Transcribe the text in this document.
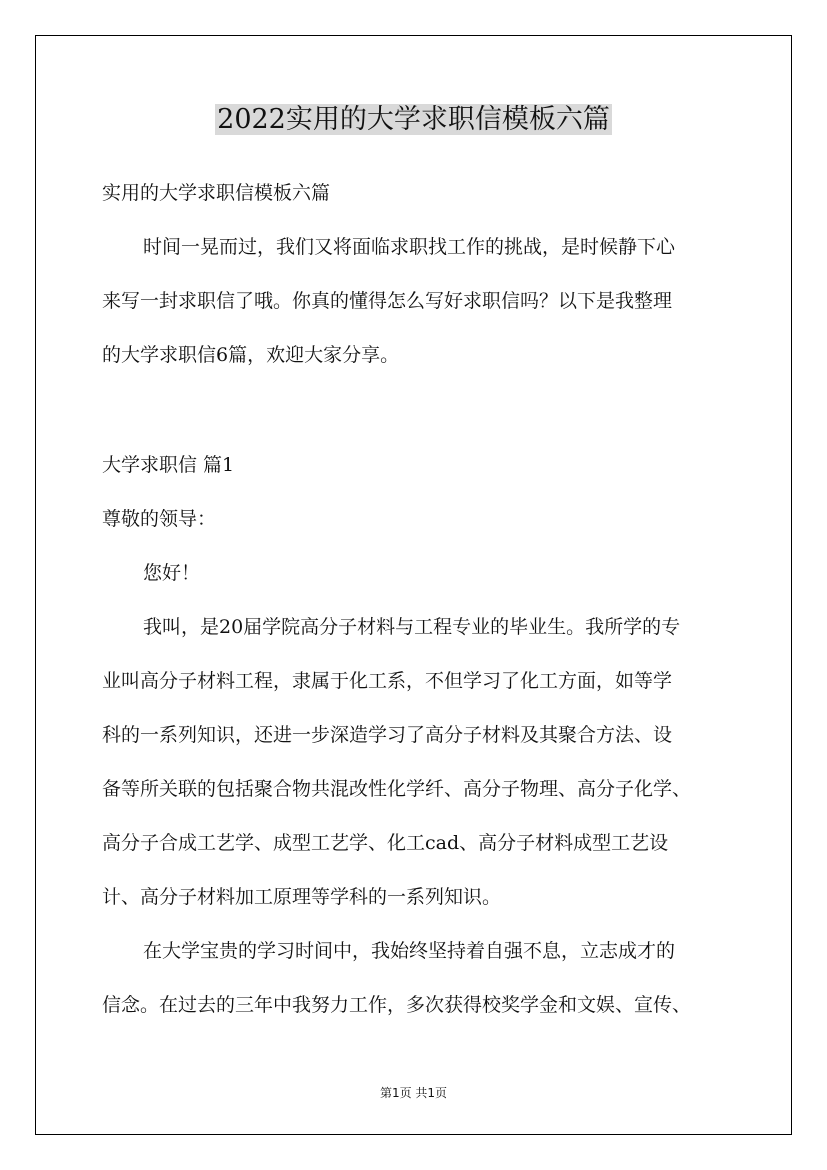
2022实用的大学求职信模板六篇
实用的大学求职信模板六篇
时间一晃而过，我们又将面临求职找工作的挑战，是时候静下心
来写一封求职信了哦。你真的懂得怎么写好求职信吗？以下是我整理
的大学求职信6篇，欢迎大家分享。
大学求职信 篇1
尊敬的领导：
您好！
我叫，是20届学院高分子材料与工程专业的毕业生。我所学的专
业叫高分子材料工程，隶属于化工系，不但学习了化工方面，如等学
科的一系列知识，还进一步深造学习了高分子材料及其聚合方法、设
备等所关联的包括聚合物共混改性化学纤、高分子物理、高分子化学、
高分子合成工艺学、成型工艺学、化工cad、高分子材料成型工艺设
计、高分子材料加工原理等学科的一系列知识。
在大学宝贵的学习时间中，我始终坚持着自强不息，立志成才的
信念。在过去的三年中我努力工作，多次获得校奖学金和文娱、宣传、
第1页 共1页
